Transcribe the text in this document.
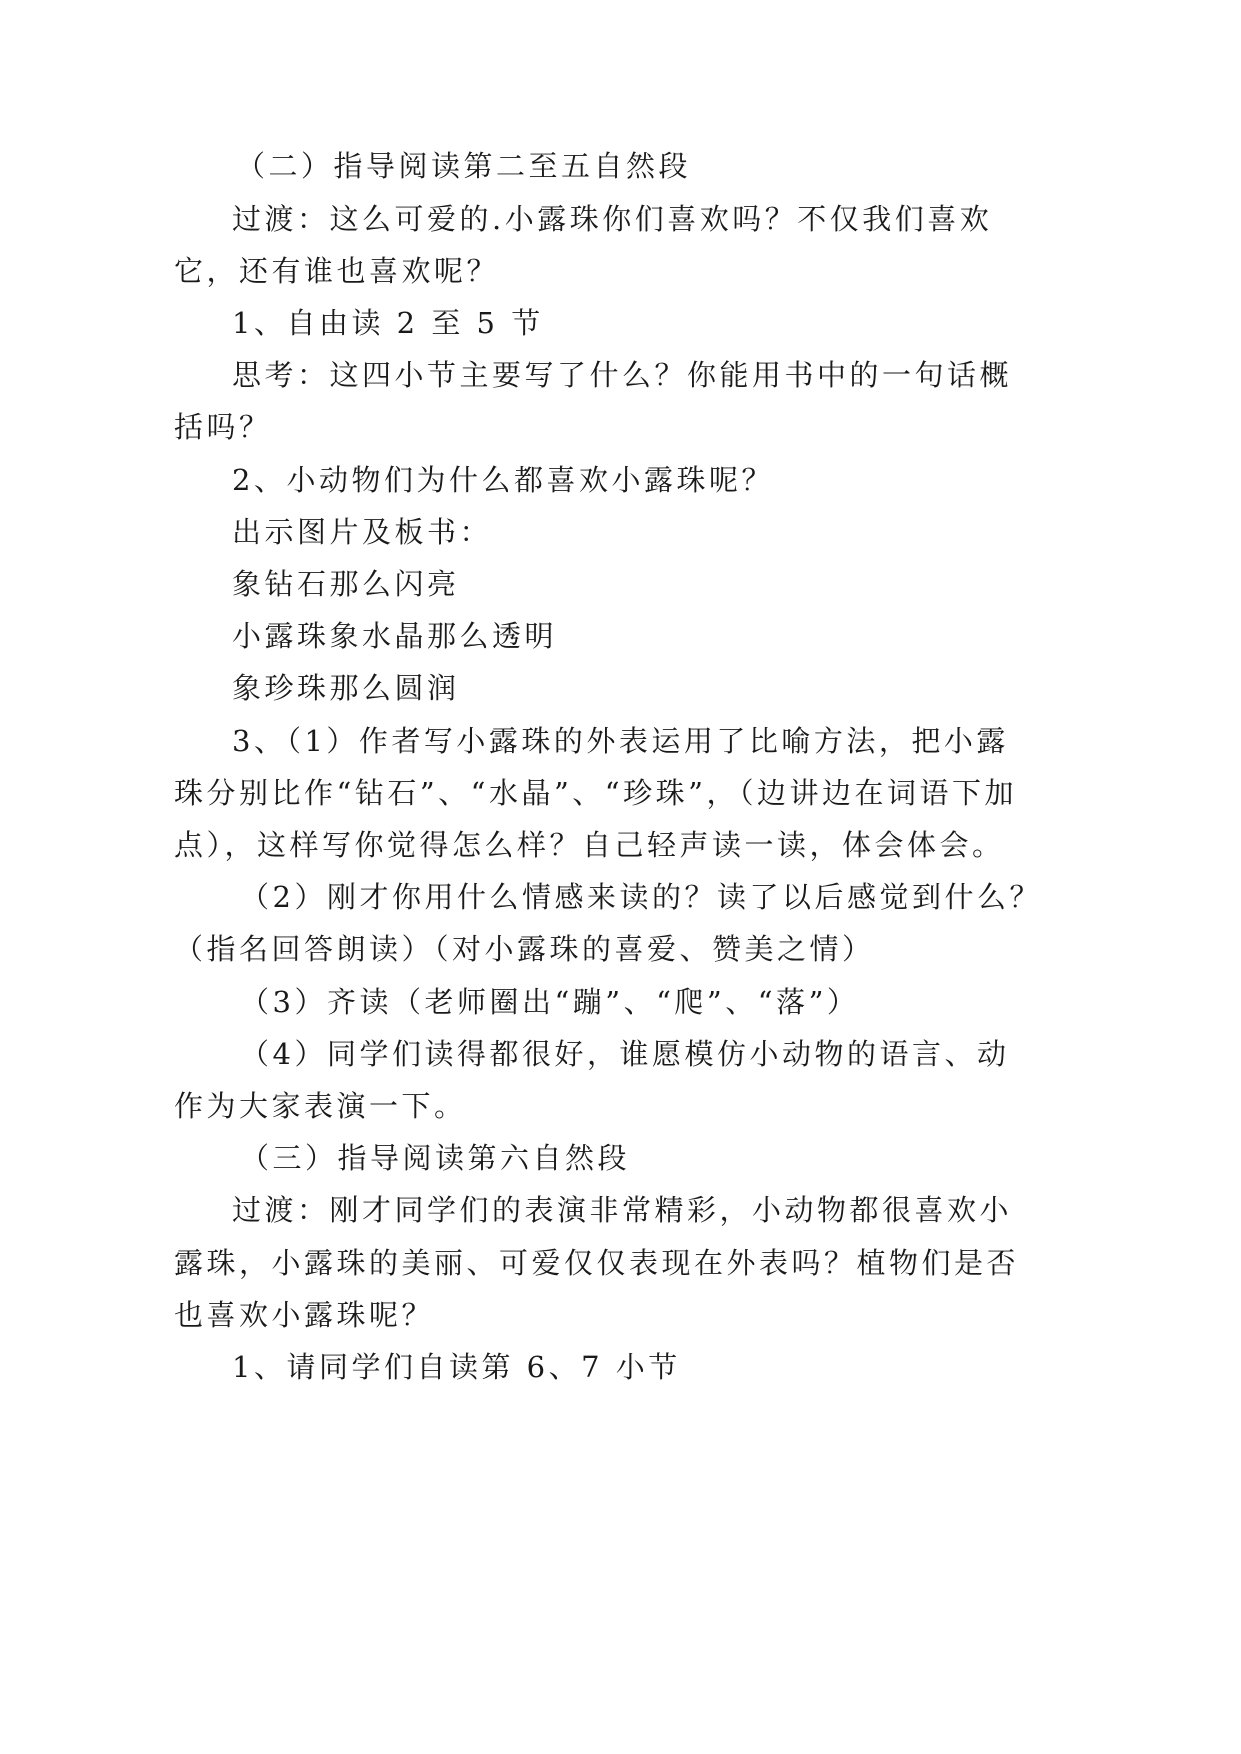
（二）指导阅读第二至五自然段
过渡：这么可爱的.小露珠你们喜欢吗？不仅我们喜欢
它，还有谁也喜欢呢？
1、自由读 2 至 5 节
思考：这四小节主要写了什么？你能用书中的一句话概
括吗？
2、小动物们为什么都喜欢小露珠呢？
出示图片及板书：
象钻石那么闪亮
小露珠象水晶那么透明
象珍珠那么圆润
3、（1）作者写小露珠的外表运用了比喻方法，把小露
珠分别比作“钻石”、“水晶”、“珍珠”，（边讲边在词语下加
点），这样写你觉得怎么样？自己轻声读一读，体会体会。
（2）刚才你用什么情感来读的？读了以后感觉到什么？
（指名回答朗读）（对小露珠的喜爱、赞美之情）
（3）齐读（老师圈出“蹦”、“爬”、“落”）
（4）同学们读得都很好，谁愿模仿小动物的语言、动
作为大家表演一下。
（三）指导阅读第六自然段
过渡：刚才同学们的表演非常精彩，小动物都很喜欢小
露珠，小露珠的美丽、可爱仅仅表现在外表吗？植物们是否
也喜欢小露珠呢？
1、请同学们自读第 6、7 小节
